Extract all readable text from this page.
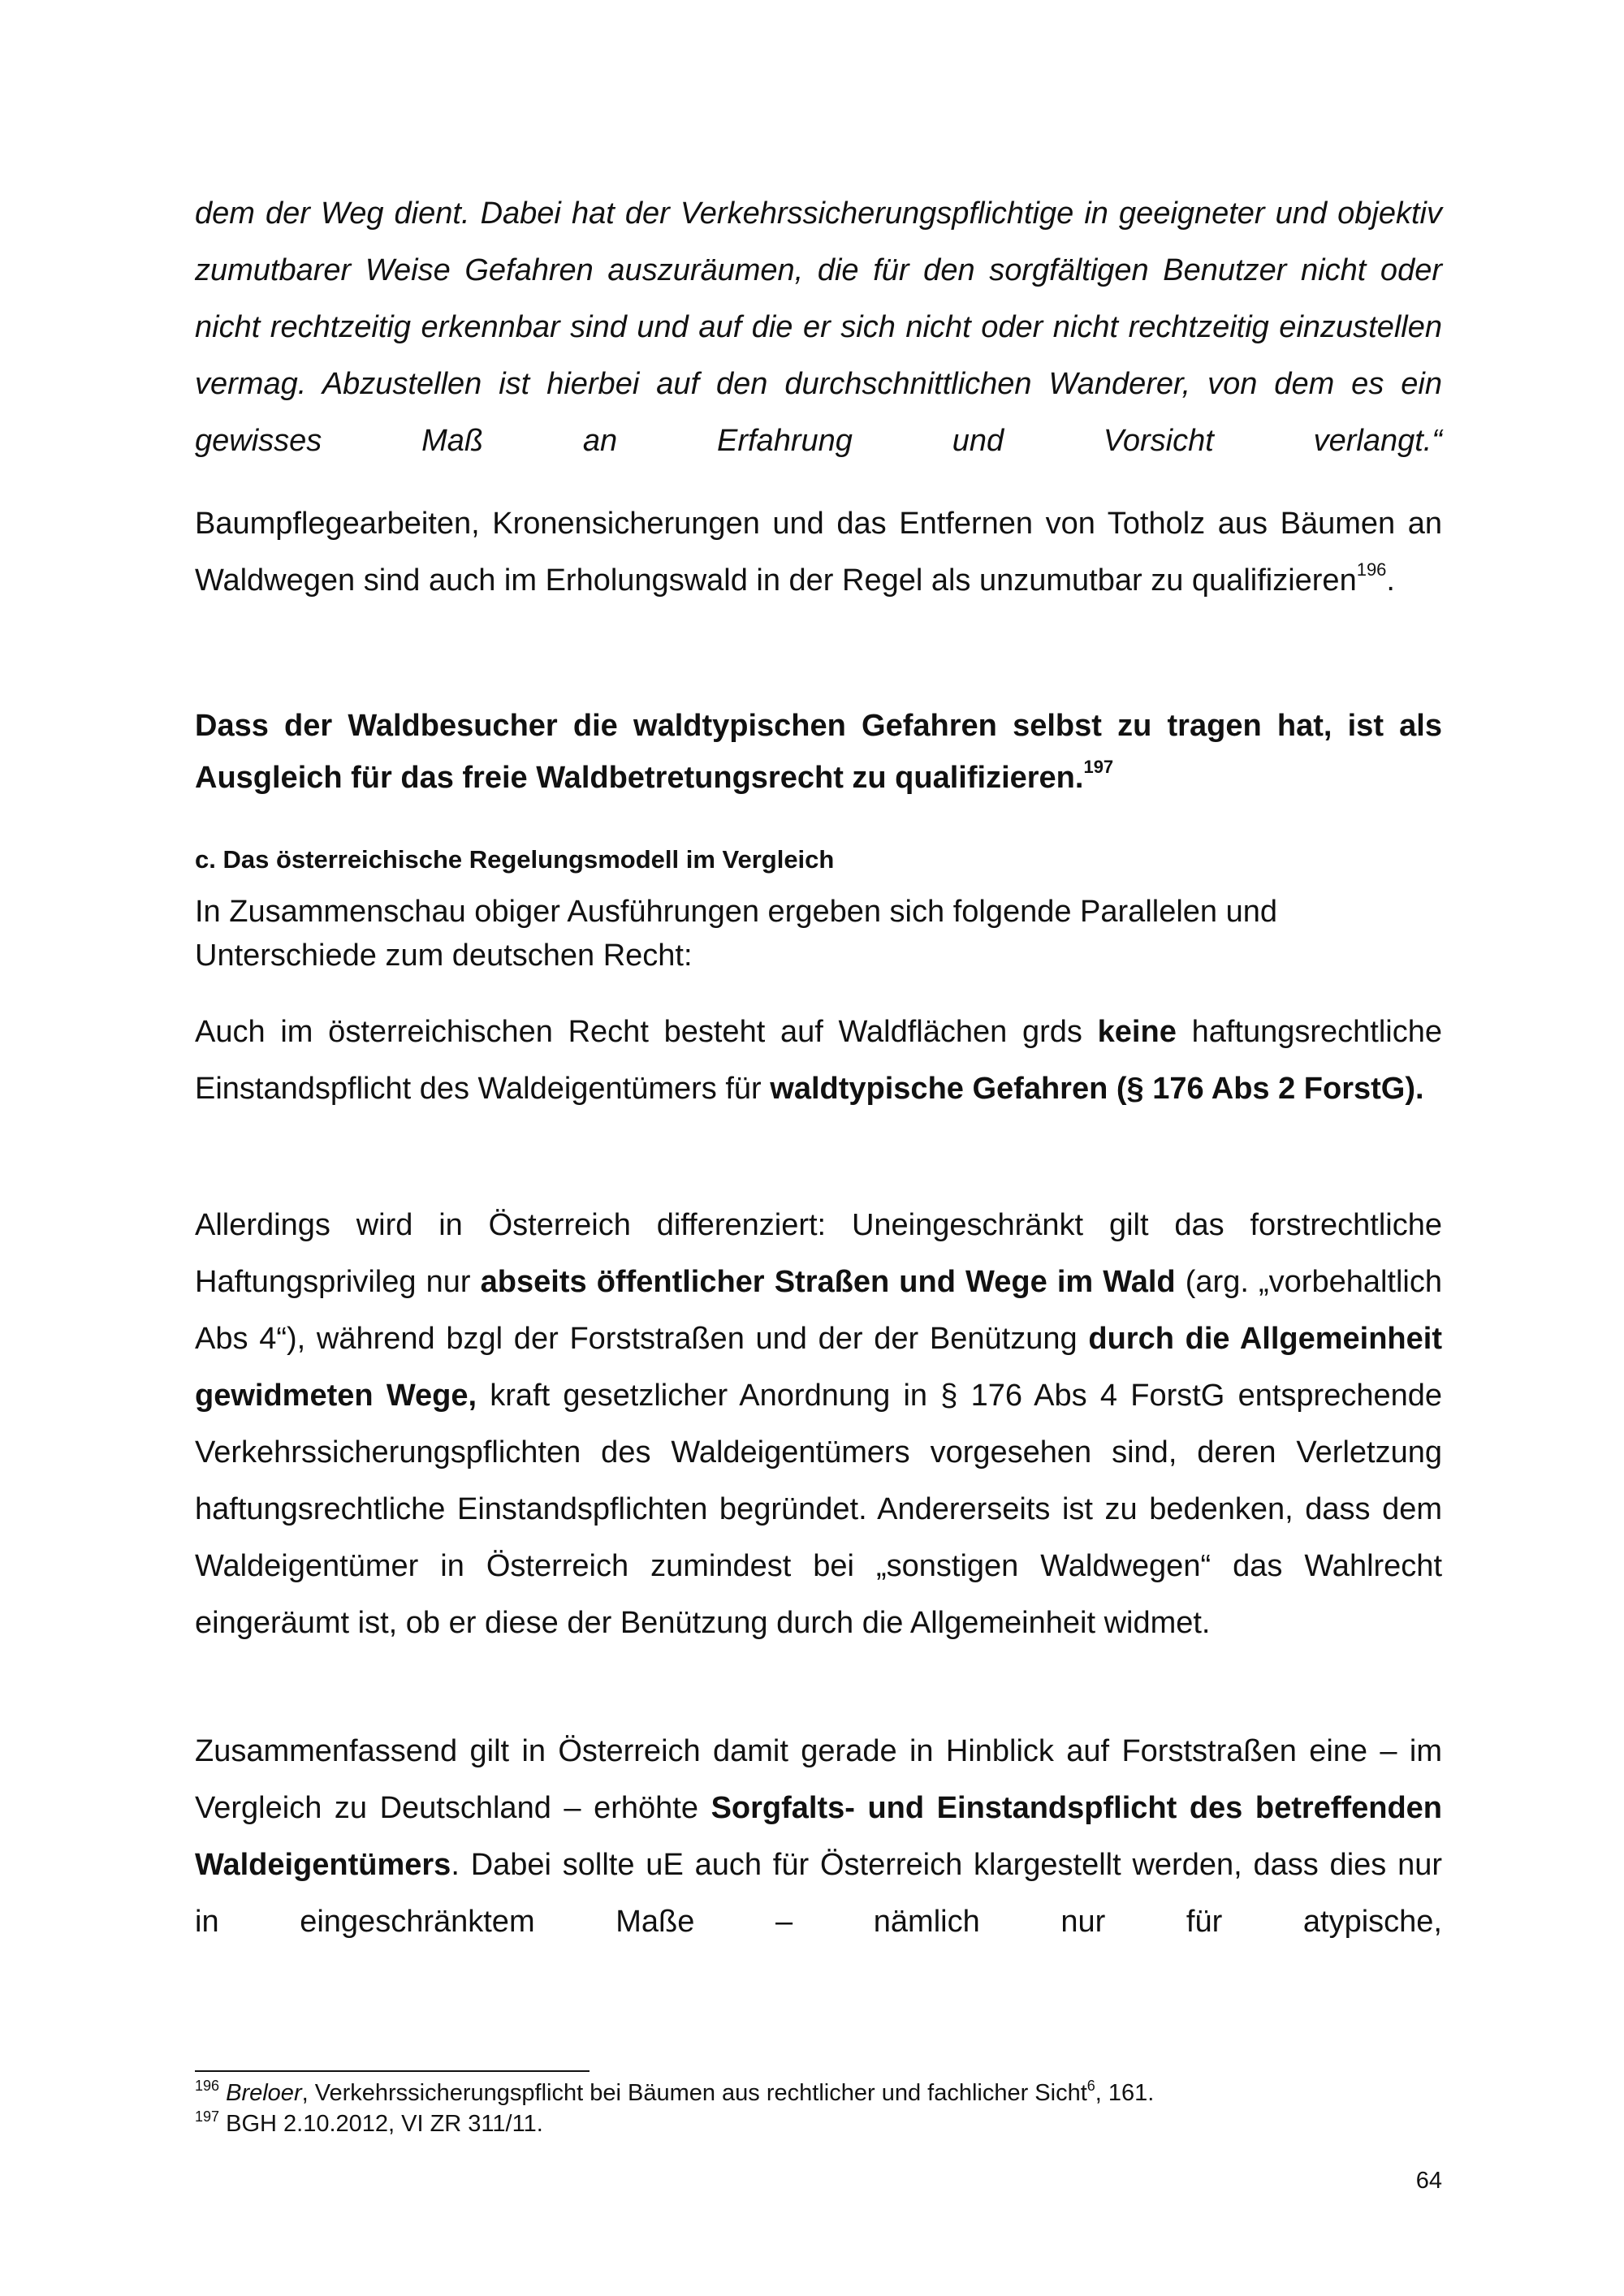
dem der Weg dient. Dabei hat der Verkehrssicherungspflichtige in geeigneter und objektiv zumutbarer Weise Gefahren auszuräumen, die für den sorgfältigen Benutzer nicht oder nicht rechtzeitig erkennbar sind und auf die er sich nicht oder nicht rechtzeitig einzustellen vermag. Abzustellen ist hierbei auf den durchschnittlichen Wanderer, von dem es ein gewisses Maß an Erfahrung und Vorsicht verlangt.“

Baumpflegearbeiten, Kronensicherungen und das Entfernen von Totholz aus Bäumen an Waldwegen sind auch im Erholungswald in der Regel als unzumutbar zu qualifizieren$^{196}$.

Dass der Waldbesucher die waldtypischen Gefahren selbst zu tragen hat, ist als Ausgleich für das freie Waldbetretungsrecht zu qualifizieren.$^{197}$

c. Das österreichische Regelungsmodell im Vergleich

In Zusammenschau obiger Ausführungen ergeben sich folgende Parallelen und Unterschiede zum deutschen Recht:

Auch im österreichischen Recht besteht auf Waldflächen grds keine haftungsrechtliche Einstandspflicht des Waldeigentümers für waldtypische Gefahren (§ 176 Abs 2 ForstG).

Allerdings wird in Österreich differenziert: Uneingeschränkt gilt das forstrechtliche Haftungsprivileg nur abseits öffentlicher Straßen und Wege im Wald (arg. „vorbehaltlich Abs 4“), während bzgl der Forststraßen und der der Benützung durch die Allgemeinheit gewidmeten Wege, kraft gesetzlicher Anordnung in § 176 Abs 4 ForstG entsprechende Verkehrssicherungspflichten des Waldeigentümers vorgesehen sind, deren Verletzung haftungsrechtliche Einstandspflichten begründet. Andererseits ist zu bedenken, dass dem Waldeigentümer in Österreich zumindest bei „sonstigen Waldwegen“ das Wahlrecht eingeräumt ist, ob er diese der Benützung durch die Allgemeinheit widmet.

Zusammenfassend gilt in Österreich damit gerade in Hinblick auf Forststraßen eine – im Vergleich zu Deutschland – erhöhte Sorgfalts- und Einstandspflicht des betreffenden Waldeigentümers. Dabei sollte uE auch für Österreich klargestellt werden, dass dies nur in eingeschränktem Maße – nämlich nur für atypische,

$^{196}$ Breloer, Verkehrssicherungspflicht bei Bäumen aus rechtlicher und fachlicher Sicht$^6$, 161.
$^{197}$ BGH 2.10.2012, VI ZR 311/11.
64
